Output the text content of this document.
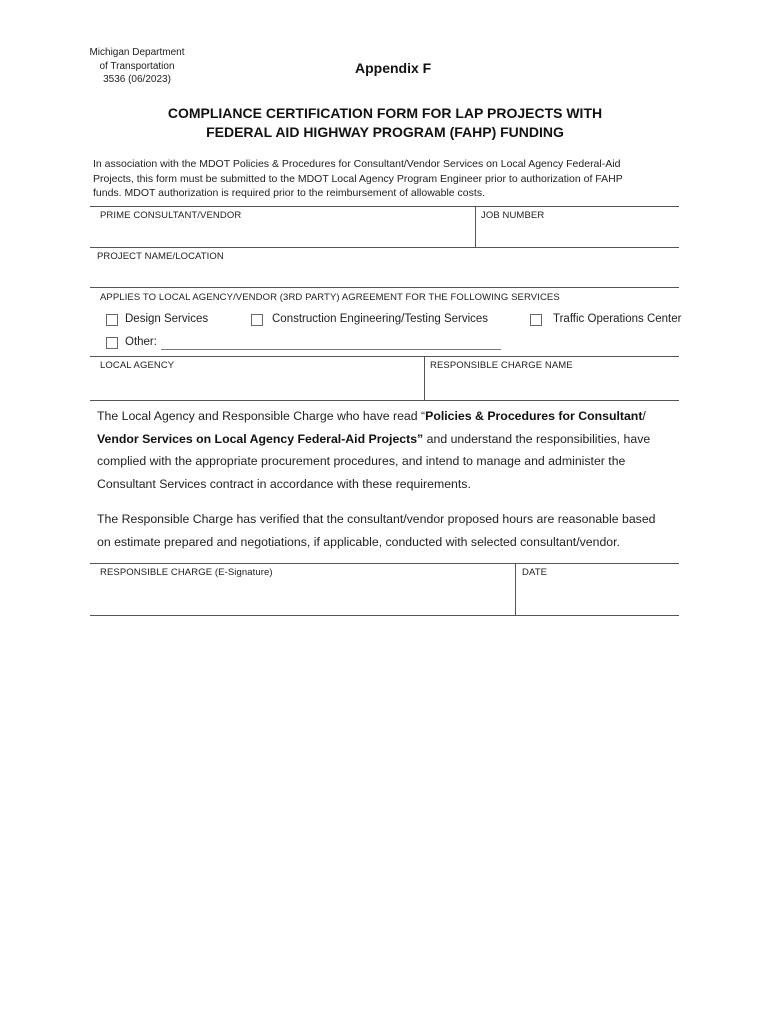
Michigan Department
of Transportation
3536 (06/2023)
Appendix F
COMPLIANCE CERTIFICATION FORM FOR LAP PROJECTS WITH
FEDERAL AID HIGHWAY PROGRAM (FAHP) FUNDING
In association with the MDOT Policies & Procedures for Consultant/Vendor Services on Local Agency Federal-Aid
Projects, this form must be submitted to the MDOT Local Agency Program Engineer prior to authorization of FAHP
funds. MDOT authorization is required prior to the reimbursement of allowable costs.
PRIME CONSULTANT/VENDOR	JOB NUMBER
PROJECT NAME/LOCATION
APPLIES TO LOCAL AGENCY/VENDOR (3RD PARTY) AGREEMENT FOR THE FOLLOWING SERVICES
Design Services	Construction Engineering/Testing Services	Traffic Operations Center
Other:
LOCAL AGENCY	RESPONSIBLE CHARGE NAME
The Local Agency and Responsible Charge who have read “Policies & Procedures for Consultant/
Vendor Services on Local Agency Federal-Aid Projects” and understand the responsibilities, have
complied with the appropriate procurement procedures, and intend to manage and administer the
Consultant Services contract in accordance with these requirements.
The Responsible Charge has verified that the consultant/vendor proposed hours are reasonable based
on estimate prepared and negotiations, if applicable, conducted with selected consultant/vendor.
RESPONSIBLE CHARGE (E-Signature)	DATE
